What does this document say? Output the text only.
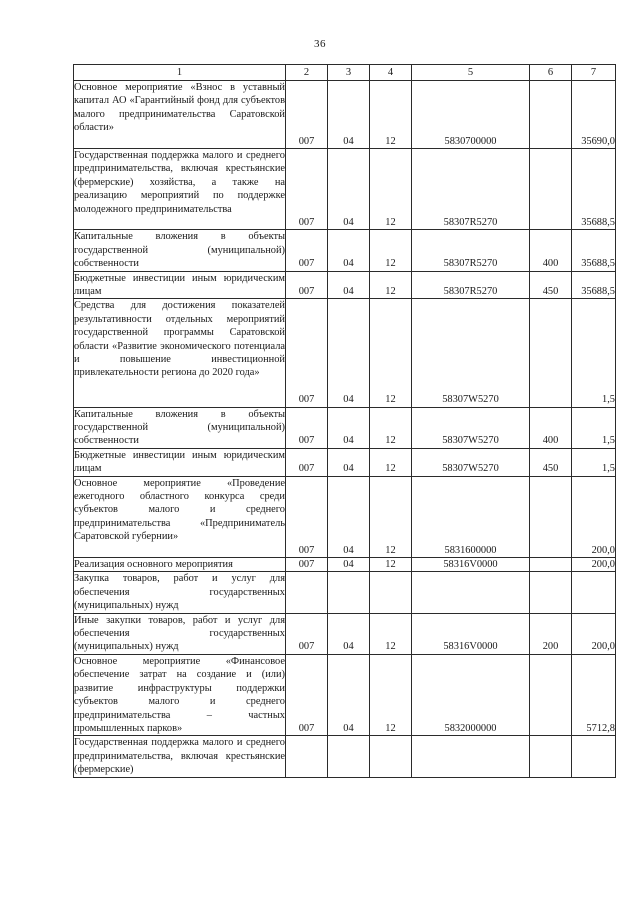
36
1	2	3	4	5	6	7
Основное мероприятие «Взнос в уставный капитал АО «Гарантийный фонд для субъектов малого предпринимательства Саратовской области»	007	04	12	5830700000		35690,0

Государственная поддержка малого и среднего предпринимательства, включая крестьянские (фермерские) хозяйства, а также на реализацию мероприятий по поддержке молодежного предпринимательства	007	04	12	58307R5270		35688,5

Капитальные вложения в объекты государственной (муниципальной) собственности	007	04	12	58307R5270	400	35688,5

Бюджетные инвестиции иным юридическим лицам	007	04	12	58307R5270	450	35688,5

Средства для достижения показателей результативности отдельных мероприятий государственной программы Саратовской области «Развитие экономического потенциала и повышение инвестиционной привлекательности региона до 2020 года»	007	04	12	58307W5270		1,5

Капитальные вложения в объекты государственной (муниципальной) собственности	007	04	12	58307W5270	400	1,5

Бюджетные инвестиции иным юридическим лицам	007	04	12	58307W5270	450	1,5

Основное мероприятие «Проведение ежегодного областного конкурса среди субъектов малого и среднего предпринимательства «Предприниматель Саратовской губернии»	007	04	12	5831600000		200,0

Реализация основного мероприятия	007	04	12	58316V0000		200,0

Закупка товаров, работ и услуг для обеспечения государственных (муниципальных) нужд	

Иные закупки товаров, работ и услуг для обеспечения государственных (муниципальных) нужд	007	04	12	58316V0000	200	200,0

Основное мероприятие «Финансовое обеспечение затрат на создание и (или) развитие инфраструктуры поддержки субъектов малого и среднего предпринимательства – частных промышленных парков»	007	04	12	5832000000		5712,8

Государственная поддержка малого и среднего предпринимательства, включая крестьянские (фермерские)	
